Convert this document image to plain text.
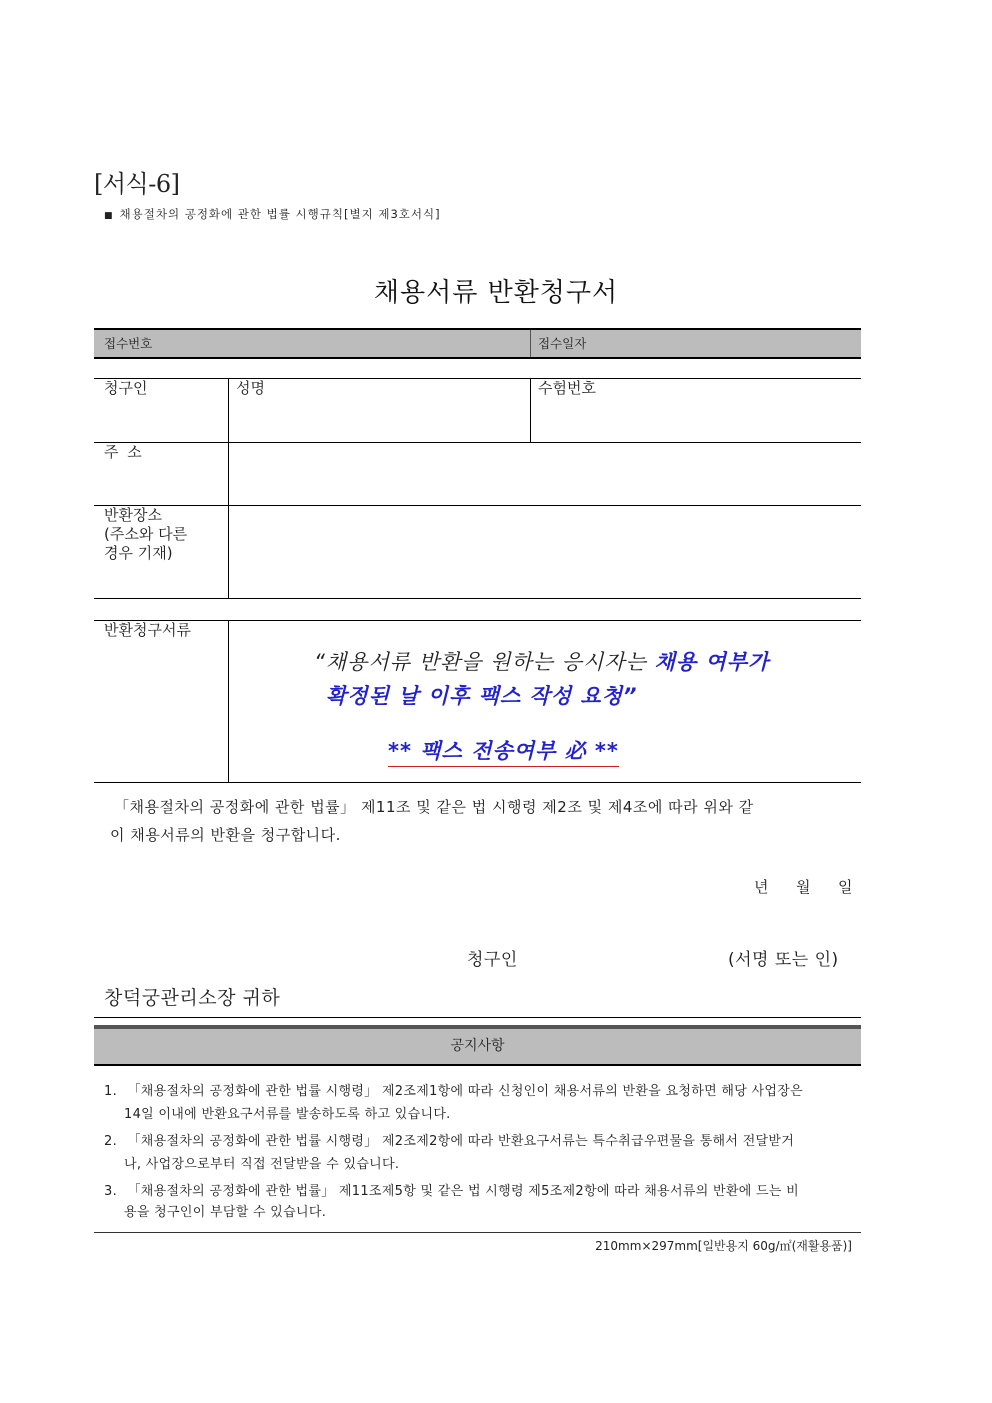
[서식-6]
■ 채용절차의 공정화에 관한 법률 시행규칙[별지 제3호서식]
채용서류 반환청구서
접수번호	접수일자
청구인	성명	수험번호
주 소
반환장소
(주소와 다른
경우 기재)
반환청구서류
“채용서류 반환을 원하는 응시자는 채용 여부가
확정된 날 이후 팩스 작성 요청”
** 팩스 전송여부 必 **
「채용절차의 공정화에 관한 법률」 제11조 및 같은 법 시행령 제2조 및 제4조에 따라 위와 같
이 채용서류의 반환을 청구합니다.
년 월 일
청구인	(서명 또는 인)
창덕궁관리소장 귀하
공지사항
1. 「채용절차의 공정화에 관한 법률 시행령」 제2조제1항에 따라 신청인이 채용서류의 반환을 요청하면 해당 사업장은
14일 이내에 반환요구서류를 발송하도록 하고 있습니다.
2. 「채용절차의 공정화에 관한 법률 시행령」 제2조제2항에 따라 반환요구서류는 특수취급우편물을 통해서 전달받거
나, 사업장으로부터 직접 전달받을 수 있습니다.
3. 「채용절차의 공정화에 관한 법률」 제11조제5항 및 같은 법 시행령 제5조제2항에 따라 채용서류의 반환에 드는 비
용을 청구인이 부담할 수 있습니다.
210mm×297mm[일반용지 60g/㎡(재활용품)]
